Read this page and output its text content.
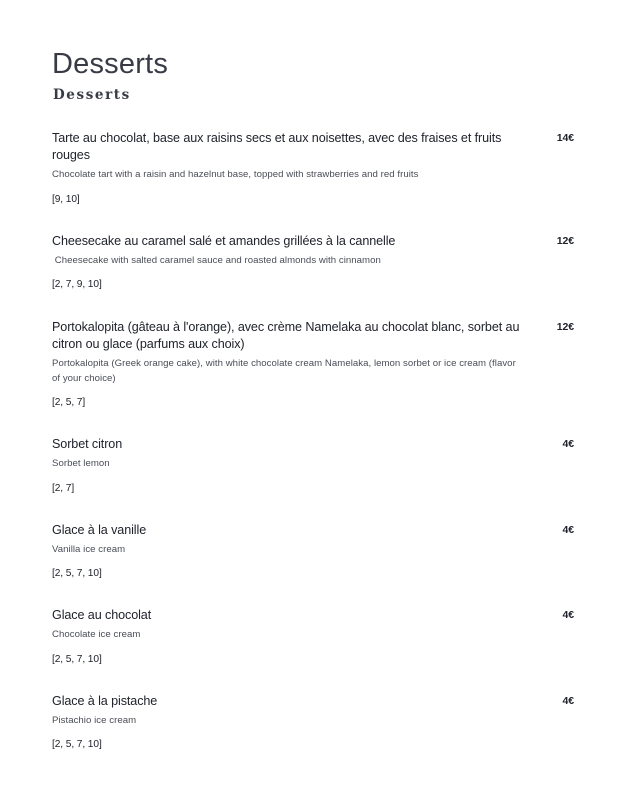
Desserts
Desserts
Tarte au chocolat, base aux raisins secs et aux noisettes, avec des fraises et fruits rouges
14€
Chocolate tart with a raisin and hazelnut base, topped with strawberries and red fruits
[9, 10]
Cheesecake au caramel salé et amandes grillées à la cannelle	12€
Cheesecake with salted caramel sauce and roasted almonds with cinnamon
[2, 7, 9, 10]
Portokalopita (gâteau à l'orange), avec crème Namelaka au chocolat blanc, sorbet au citron ou glace (parfums aux choix)
12€
Portokalopita (Greek orange cake), with white chocolate cream Namelaka, lemon sorbet or ice cream (flavor of your choice)
[2, 5, 7]
Sorbet citron	4€
Sorbet lemon
[2, 7]
Glace à la vanille	4€
Vanilla ice cream
[2, 5, 7, 10]
Glace au chocolat	4€
Chocolate ice cream
[2, 5, 7, 10]
Glace à la pistache	4€
Pistachio ice cream
[2, 5, 7, 10]
